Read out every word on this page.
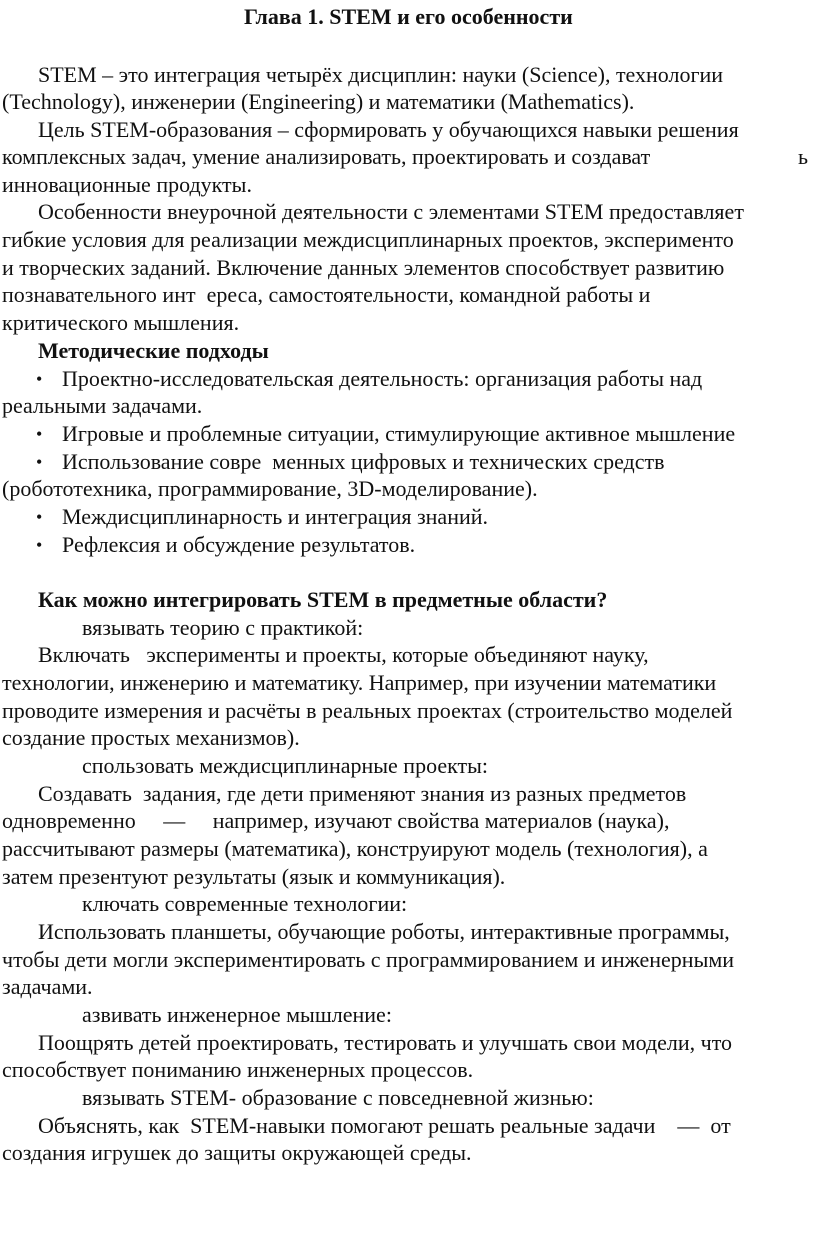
Глава 1. STEM и его особенности
STEM – это интеграция четырёх дисциплин: науки (Science), технологии
(Technology), инженерии (Engineering) и математики (Mathematics).
Цель STEM-образования – сформировать у обучающихся навыки решения
комплексных задач, умение анализировать, проектировать и создават	ь
инновационные продукты.
Особенности внеурочной деятельности с элементами STEM предоставляет
гибкие условия для реализации междисциплинарных проектов, эксперименто
и творческих заданий. Включение данных элементов способствует развитию
познавательного инт  ереса, самостоятельности, командной работы и
критического мышления.
Методические подходы
• Проектно-исследовательская деятельность: организация работы над
реальными задачами.
• Игровые и проблемные ситуации, стимулирующие активное мышление
• Использование совре  менных цифровых и технических средств
(робототехника, программирование, 3D-моделирование).
• Междисциплинарность и интеграция знаний.
• Рефлексия и обсуждение результатов.
Как можно интегрировать STEM в предметные области?
вязывать теорию с практикой:
Включать   эксперименты и проекты, которые объединяют науку,
технологии, инженерию и математику. Например, при изучении математики
проводите измерения и расчёты в реальных проектах (строительство моделей
создание простых механизмов).
спользовать междисциплинарные проекты:
Создавать  задания, где дети применяют знания из разных предметов
одновременно     —     например, изучают свойства материалов (наука),
рассчитывают размеры (математика), конструируют модель (технология), а
затем презентуют результаты (язык и коммуникация).
ключать современные технологии:
Использовать планшеты, обучающие роботы, интерактивные программы,
чтобы дети могли экспериментировать с программированием и инженерными
задачами.
азвивать инженерное мышление:
Поощрять детей проектировать, тестировать и улучшать свои модели, что
способствует пониманию инженерных процессов.
вязывать STEM- образование с повседневной жизнью:
Объяснять, как  STEM-навыки помогают решать реальные задачи    —  от
создания игрушек до защиты окружающей среды.
